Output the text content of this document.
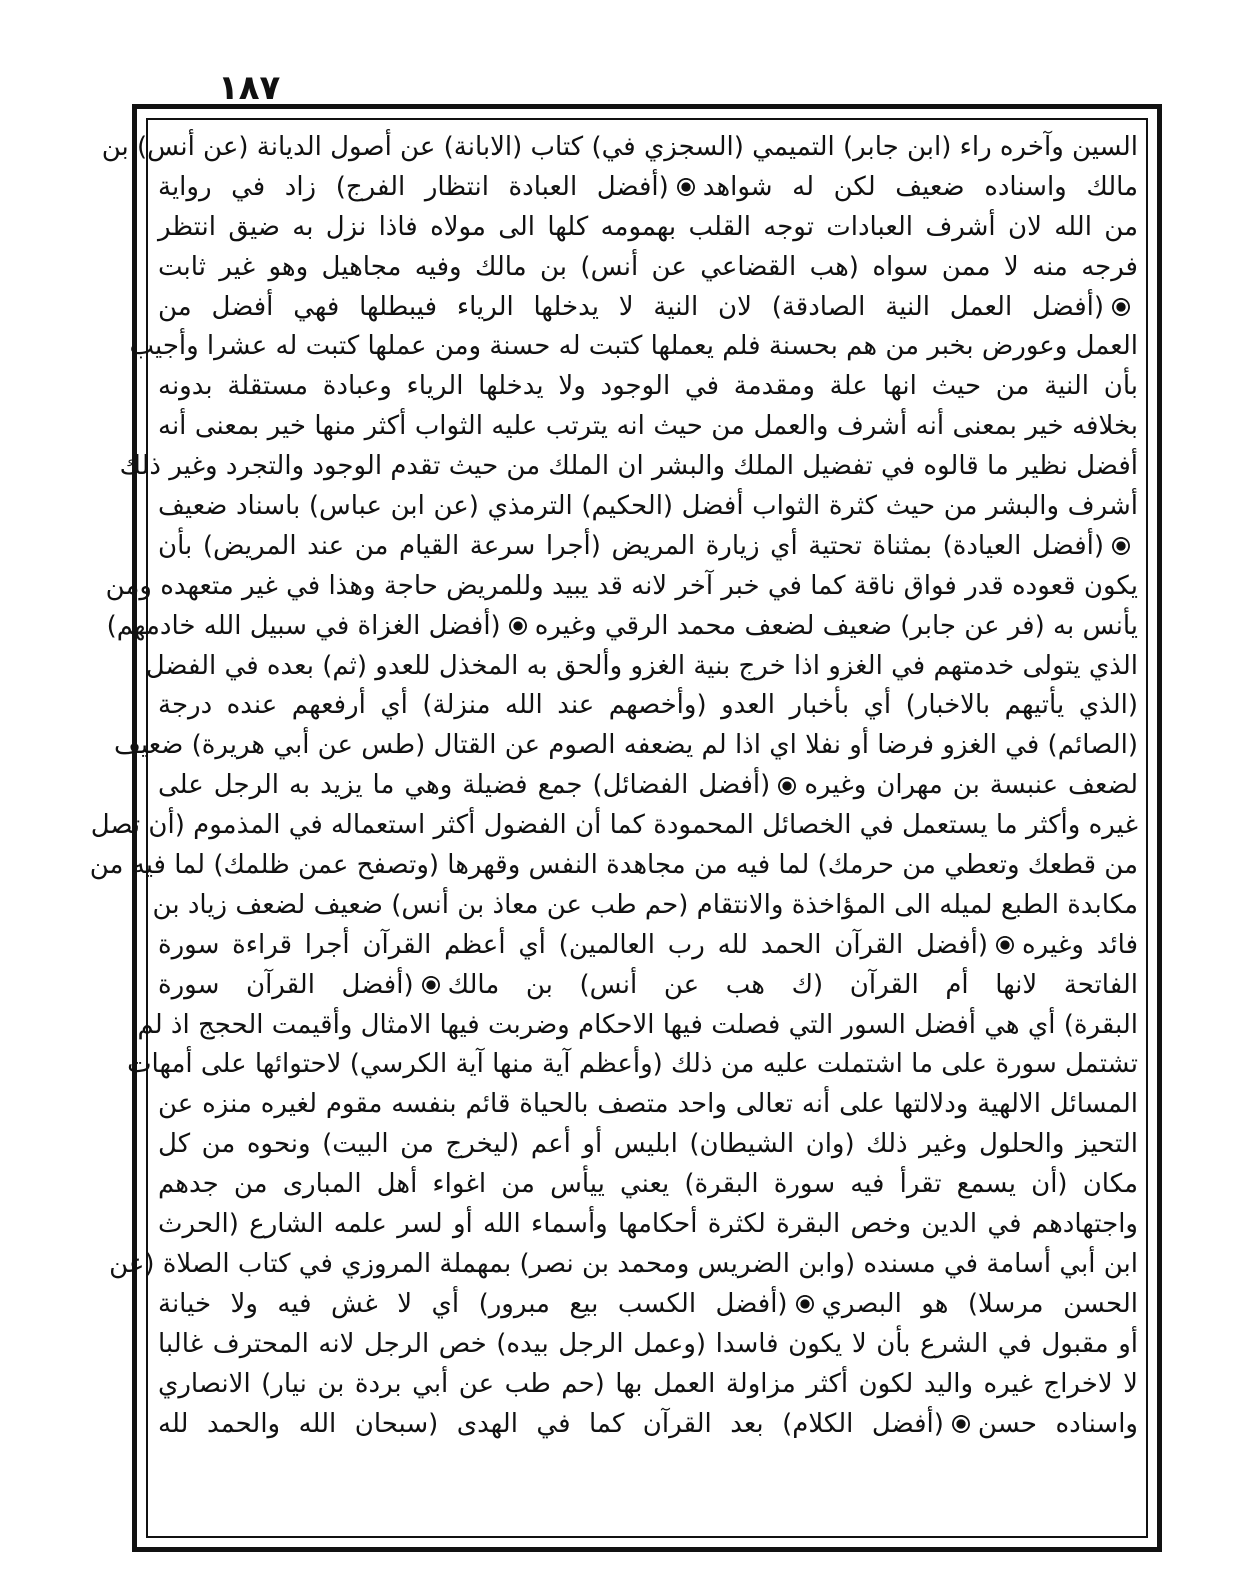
١٨٧
السين وآخره راء (ابن جابر) التميمي (السجزي في) كتاب (الابانة) عن أصول الديانة (عن أنس) بن
مالك واسناده ضعيف لكن له شواهد(أفضل العبادة انتظار الفرج) زاد في رواية
من الله لان أشرف العبادات توجه القلب بهمومه كلها الى مولاه فاذا نزل به ضيق انتظر
فرجه منه لا ممن سواه (هب القضاعي عن أنس) بن مالك وفيه مجاهيل وهو غير ثابت
(أفضل العمل النية الصادقة) لان النية لا يدخلها الرياء فيبطلها فهي أفضل من
العمل وعورض بخبر من هم بحسنة فلم يعملها كتبت له حسنة ومن عملها كتبت له عشرا وأجيب
بأن النية من حيث انها علة ومقدمة في الوجود ولا يدخلها الرياء وعبادة مستقلة بدونه
بخلافه خير بمعنى أنه أشرف والعمل من حيث انه يترتب عليه الثواب أكثر منها خير بمعنى أنه
أفضل نظير ما قالوه في تفضيل الملك والبشر ان الملك من حيث تقدم الوجود والتجرد وغير ذلك
أشرف والبشر من حيث كثرة الثواب أفضل (الحكيم) الترمذي (عن ابن عباس) باسناد ضعيف
(أفضل العيادة) بمثناة تحتية أي زيارة المريض (أجرا سرعة القيام من عند المريض) بأن
يكون قعوده قدر فواق ناقة كما في خبر آخر لانه قد يبيد وللمريض حاجة وهذا في غير متعهده ومن
يأنس به (فر عن جابر) ضعيف لضعف محمد الرقي وغيره(أفضل الغزاة في سبيل الله خادمهم)
الذي يتولى خدمتهم في الغزو اذا خرج بنية الغزو وألحق به المخذل للعدو (ثم) بعده في الفضل
(الذي يأتيهم بالاخبار) أي بأخبار العدو (وأخصهم عند الله منزلة) أي أرفعهم عنده درجة
(الصائم) في الغزو فرضا أو نفلا اي اذا لم يضعفه الصوم عن القتال (طس عن أبي هريرة) ضعيف
لضعف عنبسة بن مهران وغيره(أفضل الفضائل) جمع فضيلة وهي ما يزيد به الرجل على
غيره وأكثر ما يستعمل في الخصائل المحمودة كما أن الفضول أكثر استعماله في المذموم (أن تصل
من قطعك وتعطي من حرمك) لما فيه من مجاهدة النفس وقهرها (وتصفح عمن ظلمك) لما فيه من
مكابدة الطبع لميله الى المؤاخذة والانتقام (حم طب عن معاذ بن أنس) ضعيف لضعف زياد بن
فائد وغيره(أفضل القرآن الحمد لله رب العالمين) أي أعظم القرآن أجرا قراءة سورة
الفاتحة لانها أم القرآن (ك هب عن أنس) بن مالك(أفضل القرآن سورة
البقرة) أي هي أفضل السور التي فصلت فيها الاحكام وضربت فيها الامثال وأقيمت الحجج اذ لم
تشتمل سورة على ما اشتملت عليه من ذلك (وأعظم آية منها آية الكرسي) لاحتوائها على أمهات
المسائل الالهية ودلالتها على أنه تعالى واحد متصف بالحياة قائم بنفسه مقوم لغيره منزه عن
التحيز والحلول وغير ذلك (وان الشيطان) ابليس أو أعم (ليخرج من البيت) ونحوه من كل
مكان (أن يسمع تقرأ فيه سورة البقرة) يعني ييأس من اغواء أهل المبارى من جدهم
واجتهادهم في الدين وخص البقرة لكثرة أحكامها وأسماء الله أو لسر علمه الشارع (الحرث
ابن أبي أسامة في مسنده (وابن الضريس ومحمد بن نصر) بمهملة المروزي في كتاب الصلاة (عن
الحسن مرسلا) هو البصري(أفضل الكسب بيع مبرور) أي لا غش فيه ولا خيانة
أو مقبول في الشرع بأن لا يكون فاسدا (وعمل الرجل بيده) خص الرجل لانه المحترف غالبا
لا لاخراج غيره واليد لكون أكثر مزاولة العمل بها (حم طب عن أبي بردة بن نيار) الانصاري
واسناده حسن(أفضل الكلام) بعد القرآن كما في الهدى (سبحان الله والحمد لله
